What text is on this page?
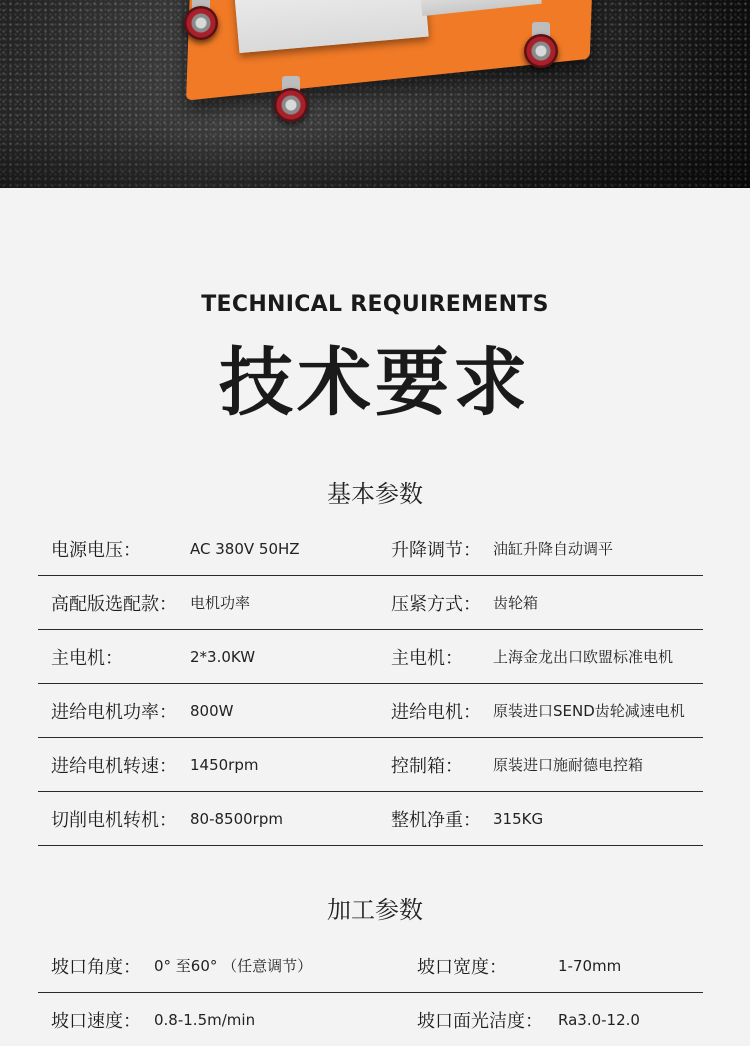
TECHNICAL REQUIREMENTS
技术要求
基本参数
电源电压：	AC 380V 50HZ	升降调节： 油缸升降自动调平
高配版选配款： 电机功率	压紧方式： 齿轮箱
主电机：	2*3.0KW	主电机： 上海金龙出口欧盟标准电机
进给电机功率： 800W	进给电机： 原装进口SEND齿轮减速电机
进给电机转速： 1450rpm	控制箱： 原装进口施耐德电控箱
切削电机转机： 80-8500rpm	整机净重： 315KG
加工参数
坡口角度： 0° 至60° （任意调节）	坡口宽度：	1-70mm
坡口速度： 0.8-1.5m/min	坡口面光洁度： Ra3.0-12.0
